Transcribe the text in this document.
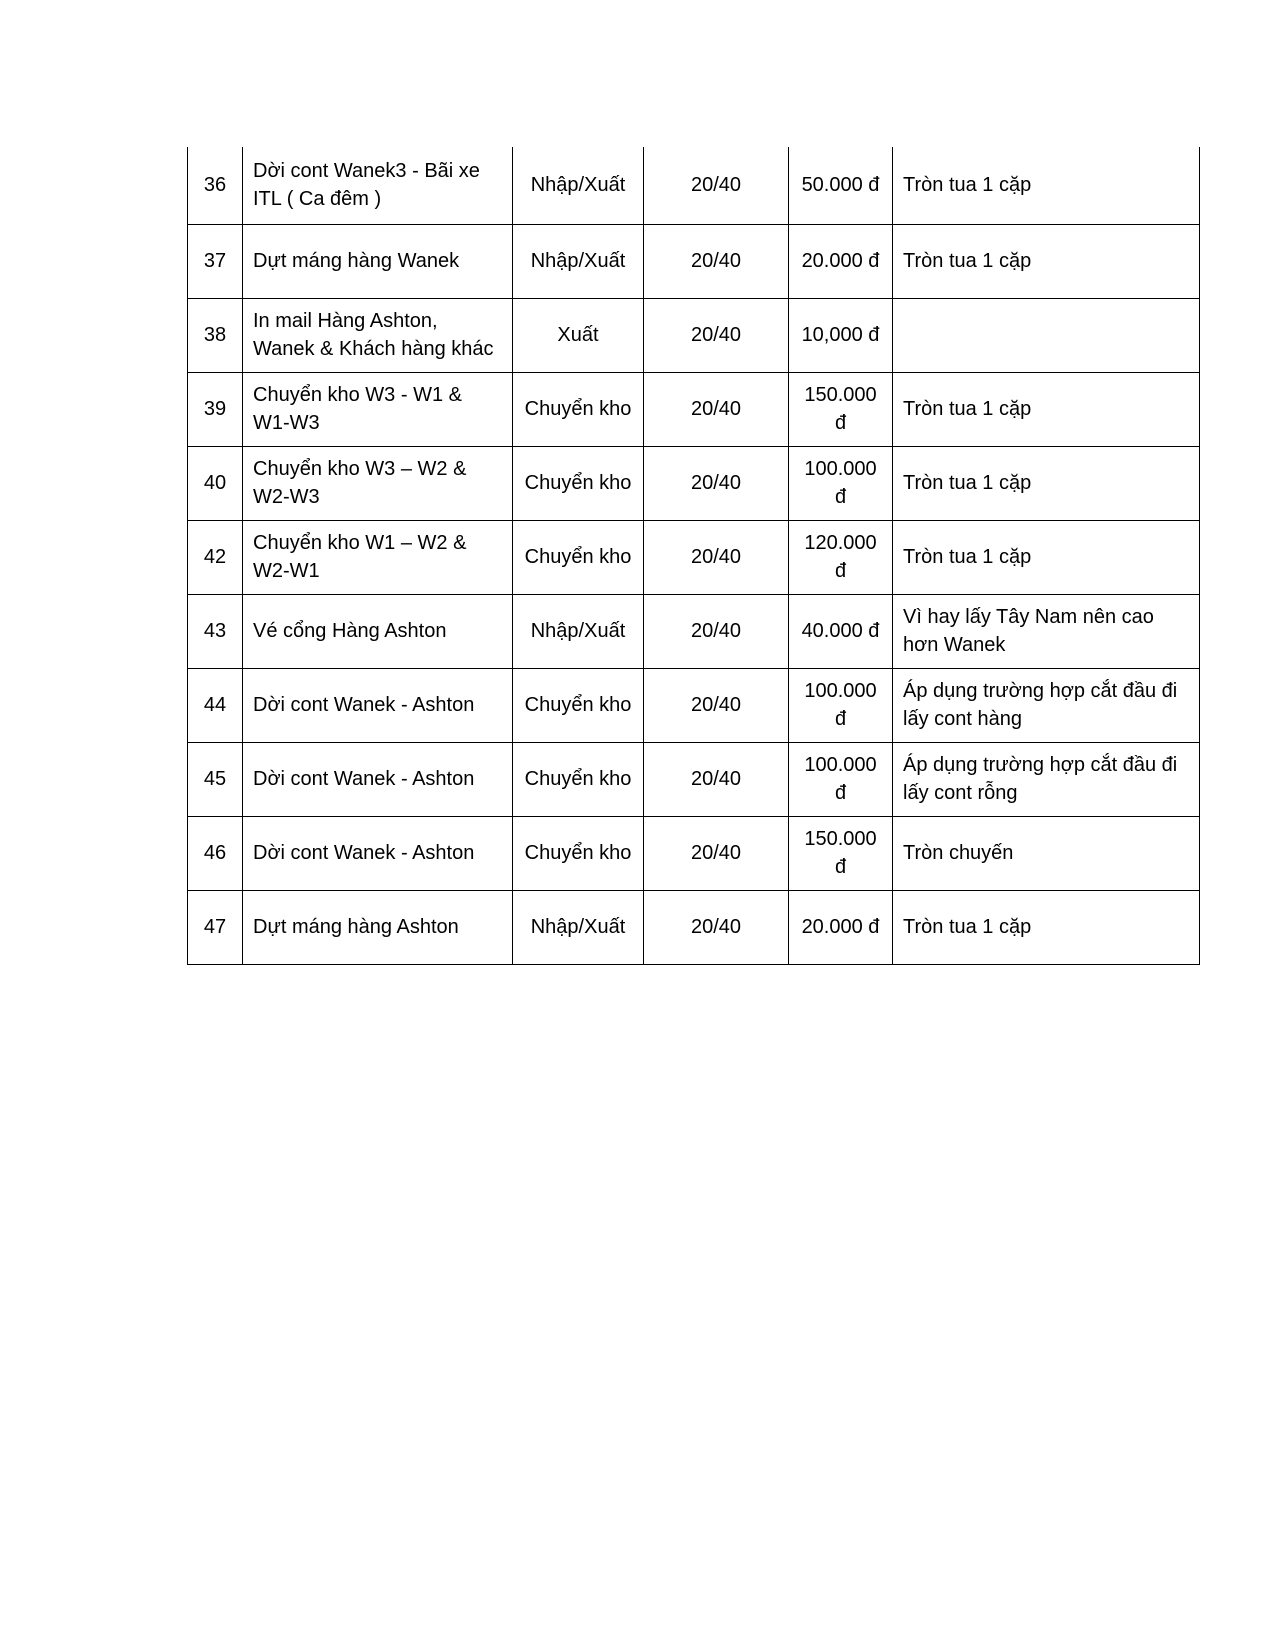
36	Dời cont Wanek3 - Bãi xe ITL ( Ca đêm )	Nhập/Xuất	20/40	50.000 đ	Tròn tua 1 cặp
37	Dựt máng hàng Wanek	Nhập/Xuất	20/40	20.000 đ	Tròn tua 1 cặp
38	In mail Hàng Ashton, Wanek & Khách hàng khác	Xuất	20/40	10,000 đ	
39	Chuyển kho W3 - W1 & W1-W3	Chuyển kho	20/40	150.000 đ	Tròn tua 1 cặp
40	Chuyển kho W3 – W2 & W2-W3	Chuyển kho	20/40	100.000 đ	Tròn tua 1 cặp
42	Chuyển kho W1 – W2 & W2-W1	Chuyển kho	20/40	120.000 đ	Tròn tua 1 cặp
43	Vé cổng Hàng Ashton	Nhập/Xuất	20/40	40.000 đ	Vì hay lấy Tây Nam nên cao hơn Wanek
44	Dời cont Wanek - Ashton	Chuyển kho	20/40	100.000 đ	Áp dụng trường hợp cắt đầu đi lấy cont hàng
45	Dời cont Wanek - Ashton	Chuyển kho	20/40	100.000 đ	Áp dụng trường hợp cắt đầu đi lấy cont rỗng
46	Dời cont Wanek - Ashton	Chuyển kho	20/40	150.000 đ	Tròn chuyến
47	Dựt máng hàng Ashton	Nhập/Xuất	20/40	20.000 đ	Tròn tua 1 cặp
